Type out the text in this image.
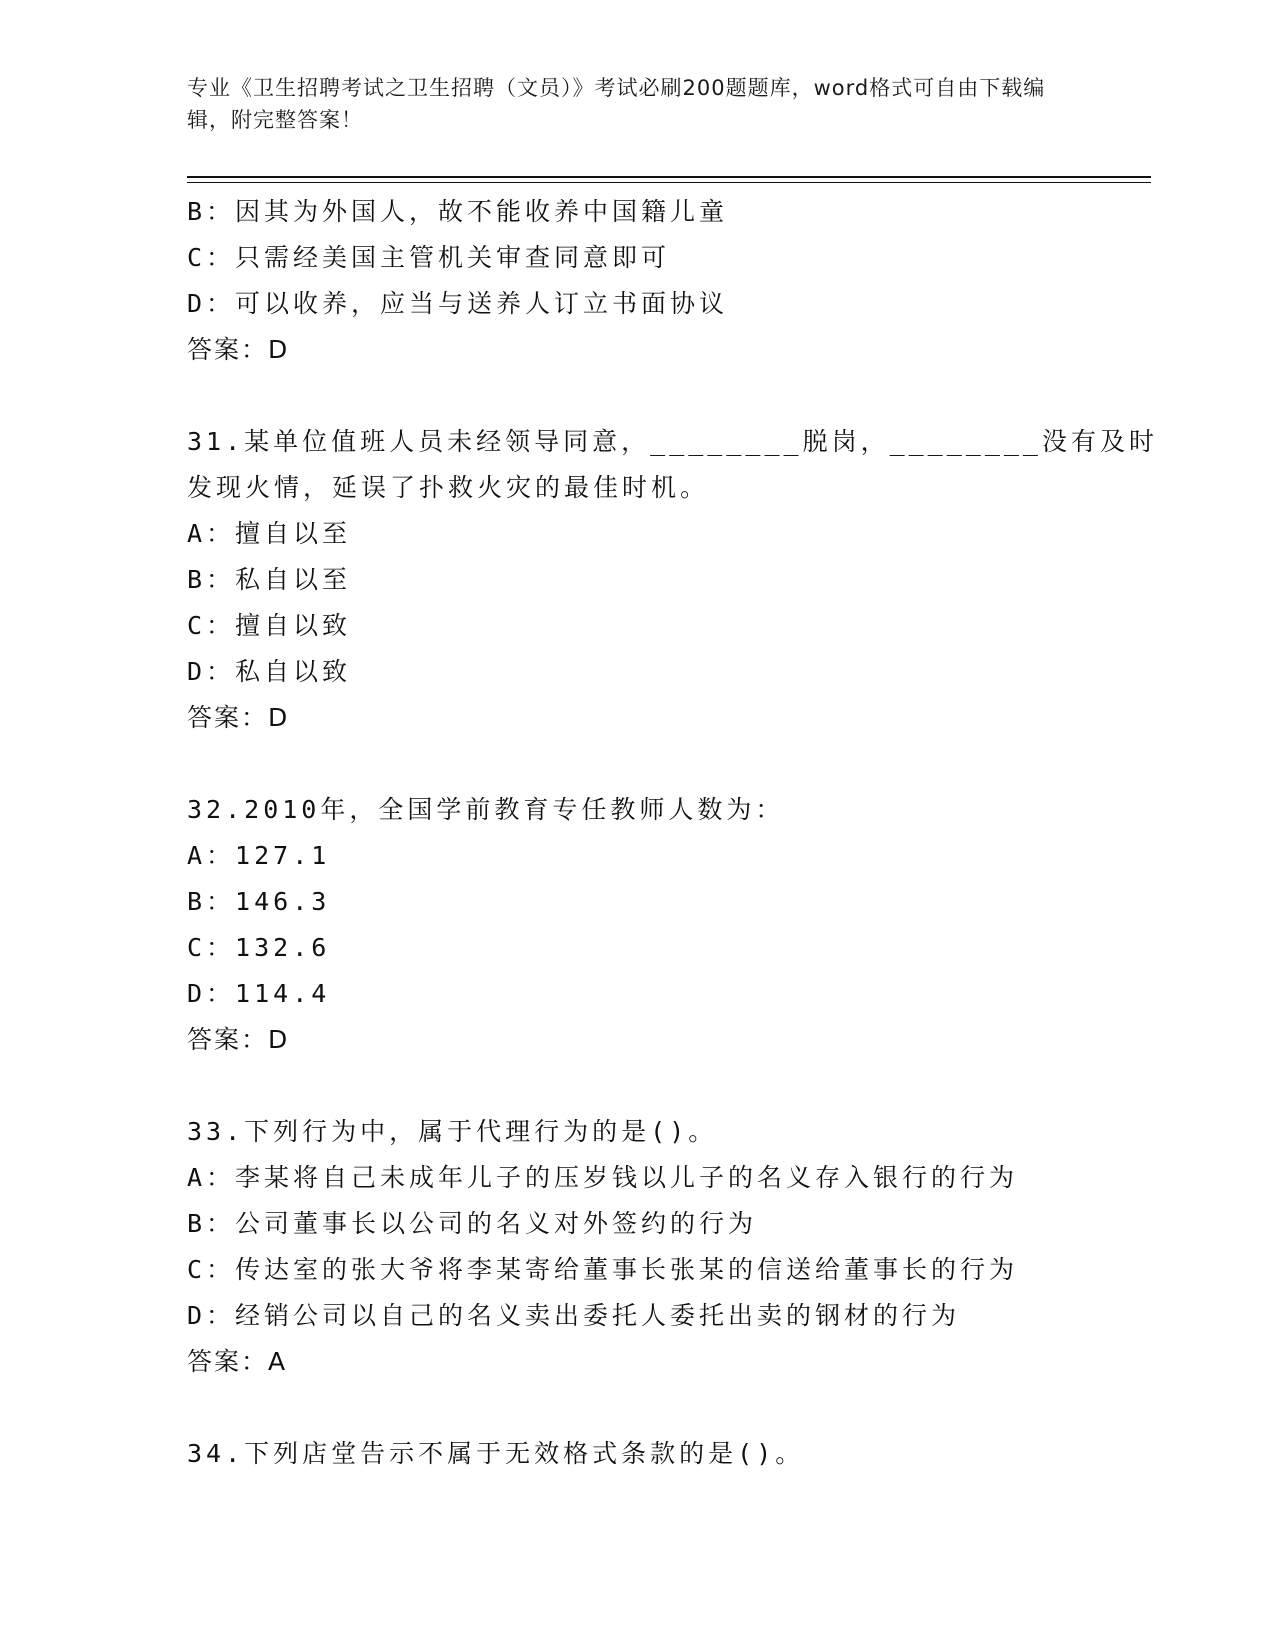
专业《卫生招聘考试之卫生招聘（文员）》考试必刷200题题库，word格式可自由下载编辑，附完整答案！
B：因其为外国人，故不能收养中国籍儿童
C：只需经美国主管机关审查同意即可
D：可以收养，应当与送养人订立书面协议
答案：D
31.某单位值班人员未经领导同意，________脱岗，________没有及时
发现火情，延误了扑救火灾的最佳时机。
A：擅自以至
B：私自以至
C：擅自以致
D：私自以致
答案：D
32.2010年，全国学前教育专任教师人数为：
A：127.1
B：146.3
C：132.6
D：114.4
答案：D
33.下列行为中，属于代理行为的是()。
A：李某将自己未成年儿子的压岁钱以儿子的名义存入银行的行为
B：公司董事长以公司的名义对外签约的行为
C：传达室的张大爷将李某寄给董事长张某的信送给董事长的行为
D：经销公司以自己的名义卖出委托人委托出卖的钢材的行为
答案：A
34.下列店堂告示不属于无效格式条款的是()。
